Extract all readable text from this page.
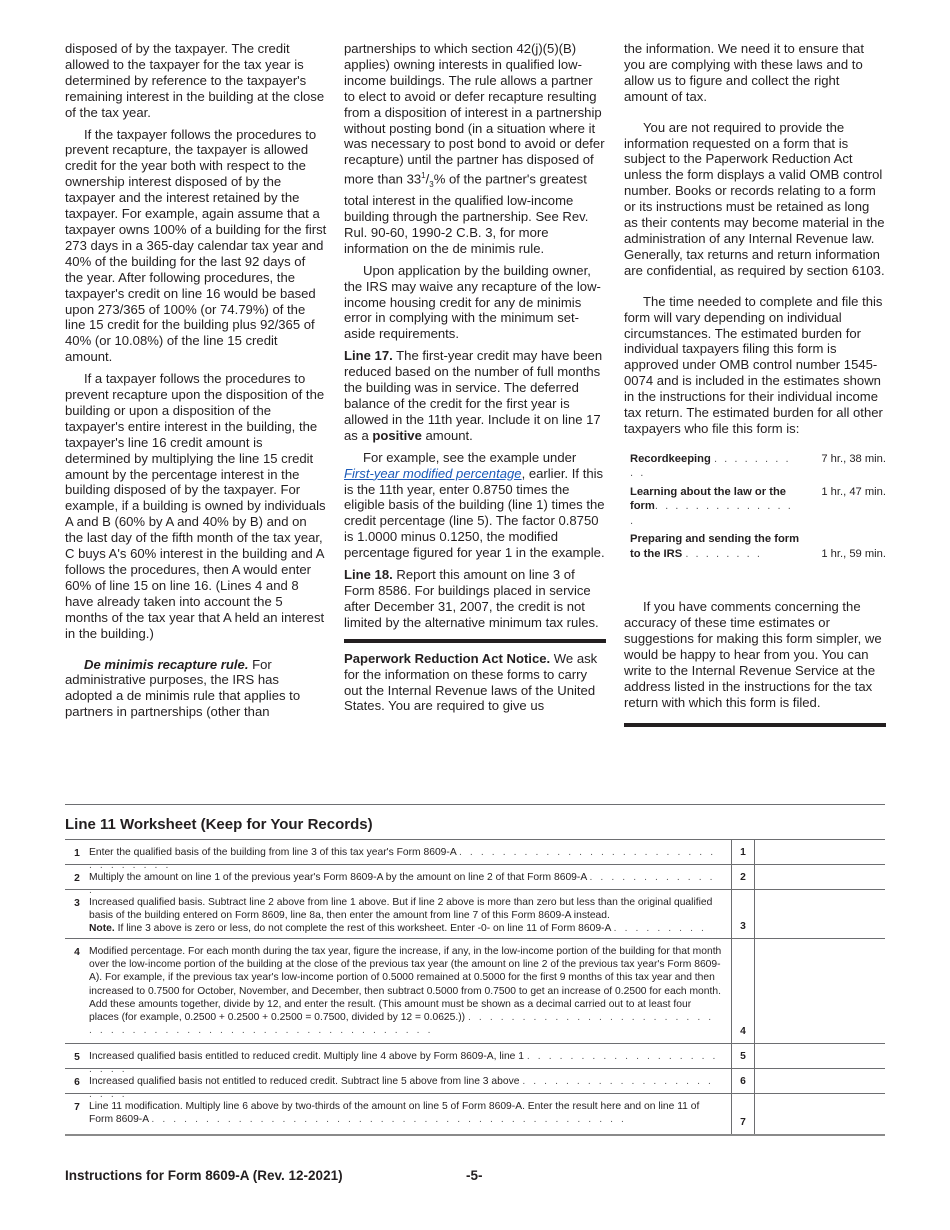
disposed of by the taxpayer. The credit allowed to the taxpayer for the tax year is determined by reference to the taxpayer's remaining interest in the building at the close of the tax year.

If the taxpayer follows the procedures to prevent recapture, the taxpayer is allowed credit for the year both with respect to the ownership interest disposed of by the taxpayer and the interest retained by the taxpayer. For example, again assume that a taxpayer owns 100% of a building for the first 273 days in a 365-day calendar tax year and 40% of the building for the last 92 days of the year. After following procedures, the taxpayer's credit on line 16 would be based upon 273/365 of 100% (or 74.79%) of the line 15 credit for the building plus 92/365 of 40% (or 10.08%) of the line 15 credit amount.

If a taxpayer follows the procedures to prevent recapture upon the disposition of the building or upon a disposition of the taxpayer's entire interest in the building, the taxpayer's line 16 credit amount is determined by multiplying the line 15 credit amount by the percentage interest in the building disposed of by the taxpayer. For example, if a building is owned by individuals A and B (60% by A and 40% by B) and on the last day of the fifth month of the tax year, C buys A's 60% interest in the building and A follows the procedures, then A would enter 60% of line 15 on line 16. (Lines 4 and 8 have already taken into account the 5 months of the tax year that A held an interest in the building.)

De minimis recapture rule. For administrative purposes, the IRS has adopted a de minimis rule that applies to partners in partnerships (other than

partnerships to which section 42(j)(5)(B) applies) owning interests in qualified low-income buildings. The rule allows a partner to elect to avoid or defer recapture resulting from a disposition of interest in a partnership without posting bond (in a situation where it was necessary to post bond to avoid or defer recapture) until the partner has disposed of more than $33^1/_3\%$ of the partner's greatest total interest in the qualified low-income building through the partnership. See Rev. Rul. 90-60, 1990-2 C.B. 3, for more information on the de minimis rule.

Upon application by the building owner, the IRS may waive any recapture of the low-income housing credit for any de minimis error in complying with the minimum set-aside requirements.

Line 17. The first-year credit may have been reduced based on the number of full months the building was in service. The deferred balance of the credit for the first year is allowed in the 11th year. Include it on line 17 as a positive amount.

For example, see the example under First-year modified percentage, earlier. If this is the 11th year, enter 0.8750 times the eligible basis of the building (line 1) times the credit percentage (line 5). The factor 0.8750 is 1.0000 minus 0.1250, the modified percentage figured for year 1 in the example.

Line 18. Report this amount on line 3 of Form 8586. For buildings placed in service after December 31, 2007, the credit is not limited by the alternative minimum tax rules.

Paperwork Reduction Act Notice. We ask for the information on these forms to carry out the Internal Revenue laws of the United States. You are required to give us

the information. We need it to ensure that you are complying with these laws and to allow us to figure and collect the right amount of tax.

You are not required to provide the information requested on a form that is subject to the Paperwork Reduction Act unless the form displays a valid OMB control number. Books or records relating to a form or its instructions must be retained as long as their contents may become material in the administration of any Internal Revenue law. Generally, tax returns and return information are confidential, as required by section 6103.

The time needed to complete and file this form will vary depending on individual circumstances. The estimated burden for individual taxpayers filing this form is approved under OMB control number 1545-0074 and is included in the estimates shown in the instructions for their individual income tax return. The estimated burden for all other taxpayers who file this form is:

Recordkeeping . . . . . . . . . .
7 hr., 38 min.
Learning about the law or the form. . . . . . . . . . . . . . .
1 hr., 47 min.
Preparing and sending the form to the IRS . . . . . . . .	1 hr., 59 min.

If you have comments concerning the accuracy of these time estimates or suggestions for making this form simpler, we would be happy to hear from you. You can write to the Internal Revenue Service at the address listed in the instructions for the tax return with which this form is filed.

Line 11 Worksheet (Keep for Your Records)
1 Enter the qualified basis of the building from line 3 of this tax year's Form 8609-A . . . . . . . . . . . . . . . . . . . . . . . . . . . . . . . .
1
2 Multiply the amount on line 1 of the previous year's Form 8609-A by the amount on line 2 of that Form 8609-A . . . . . . . . . . . . .
2
3 Increased qualified basis. Subtract line 2 above from line 1 above. But if line 2 above is more than zero but less than the original qualified basis of the building entered on Form 8609, line 8a, then enter the amount from line 7 of this Form 8609-A instead.
Note. If line 3 above is zero or less, do not complete the rest of this worksheet. Enter -0- on line 11 of Form 8609-A . . . . . . . . .	3
4 Modified percentage. For each month during the tax year, figure the increase, if any, in the low-income portion of the building for that month over the low-income portion of the building at the close of the previous tax year (the amount on line 2 of the previous tax year's Form 8609-A). For example, if the previous tax year's low-income portion of 0.5000 remained at 0.5000 for the first 9 months of this tax year and then increased to 0.7500 for October, November, and December, then subtract 0.5000 from 0.7500 to get an increase of 0.2500 for each month. Add these amounts together, divide by 12, and enter the result. (This amount must be shown as a decimal carried out to at least four places (for example, 0.2500 + 0.2500 + 0.2500 = 0.7500, divided by 12 = 0.0625.)) . . . . . . . . . . . . . . . . . . . . . . . . . . . . . . . . . . . . . . . . . . . . . . . . . . . . . . .	4
5 Increased qualified basis entitled to reduced credit. Multiply line 4 above by Form 8609-A, line 1 . . . . . . . . . . . . . . . . . . . . . .
5
6 Increased qualified basis not entitled to reduced credit. Subtract line 5 above from line 3 above . . . . . . . . . . . . . . . . . . . . . .
6
7 Line 11 modification. Multiply line 6 above by two-thirds of the amount on line 5 of Form 8609-A. Enter the result here and on line 11 of Form 8609-A . . . . . . . . . . . . . . . . . . . . . . . . . . . . . . . . . . . . . . . . . . . .	7
Instructions for Form 8609-A (Rev. 12-2021)	-5-
